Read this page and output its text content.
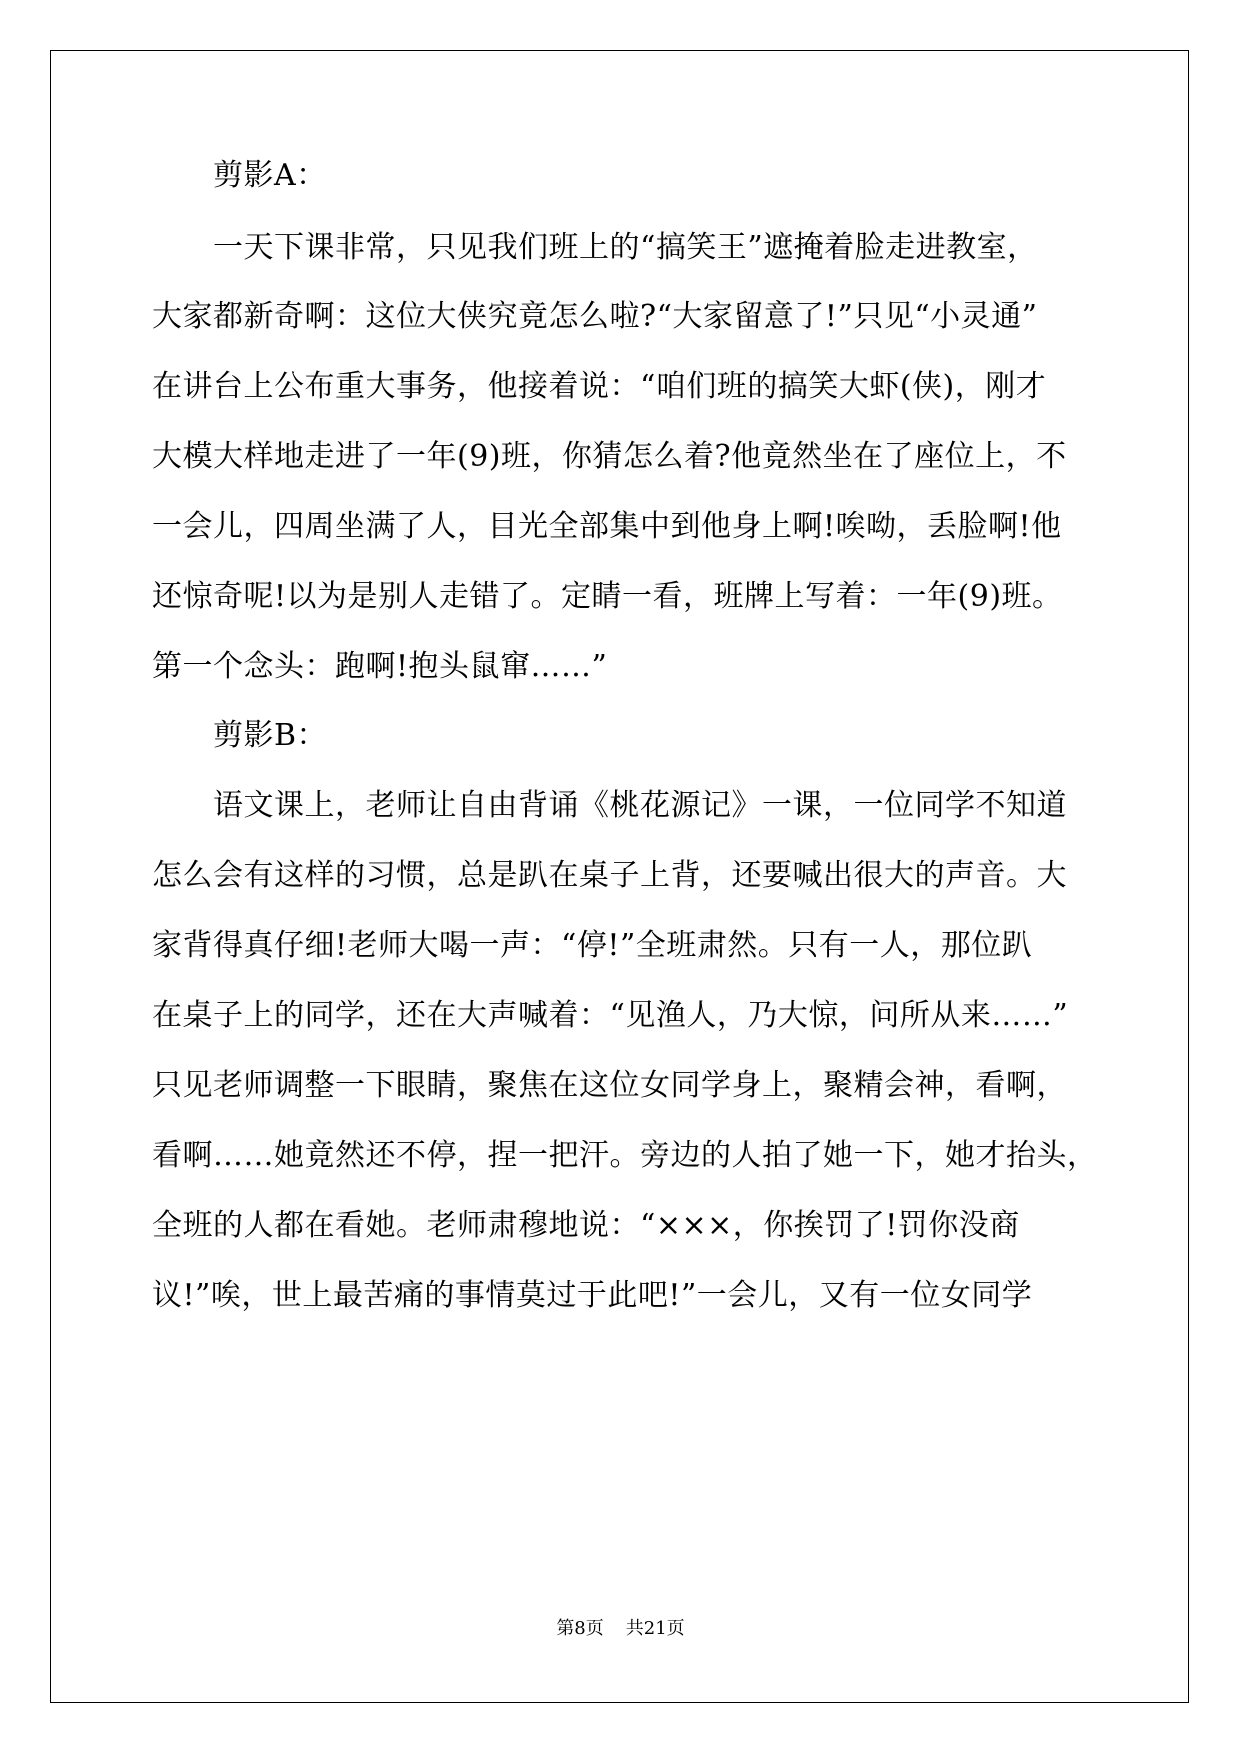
剪影A：
一天下课非常，只见我们班上的“搞笑王”遮掩着脸走进教室，
大家都新奇啊：这位大侠究竟怎么啦?“大家留意了!”只见“小灵通”
在讲台上公布重大事务，他接着说：“咱们班的搞笑大虾(侠)，刚才
大模大样地走进了一年(9)班，你猜怎么着?他竟然坐在了座位上，不
一会儿，四周坐满了人，目光全部集中到他身上啊!唉呦，丢脸啊!他
还惊奇呢!以为是别人走错了。定睛一看，班牌上写着：一年(9)班。
第一个念头：跑啊!抱头鼠窜……”
剪影B：
语文课上，老师让自由背诵《桃花源记》一课，一位同学不知道
怎么会有这样的习惯，总是趴在桌子上背，还要喊出很大的声音。大
家背得真仔细!老师大喝一声：“停!”全班肃然。只有一人，那位趴
在桌子上的同学，还在大声喊着：“见渔人，乃大惊，问所从来……”
只见老师调整一下眼睛，聚焦在这位女同学身上，聚精会神，看啊，
看啊……她竟然还不停，捏一把汗。旁边的人拍了她一下，她才抬头，
全班的人都在看她。老师肃穆地说：“×××，你挨罚了!罚你没商
议!”唉，世上最苦痛的事情莫过于此吧!”一会儿，又有一位女同学
第8页 共21页
